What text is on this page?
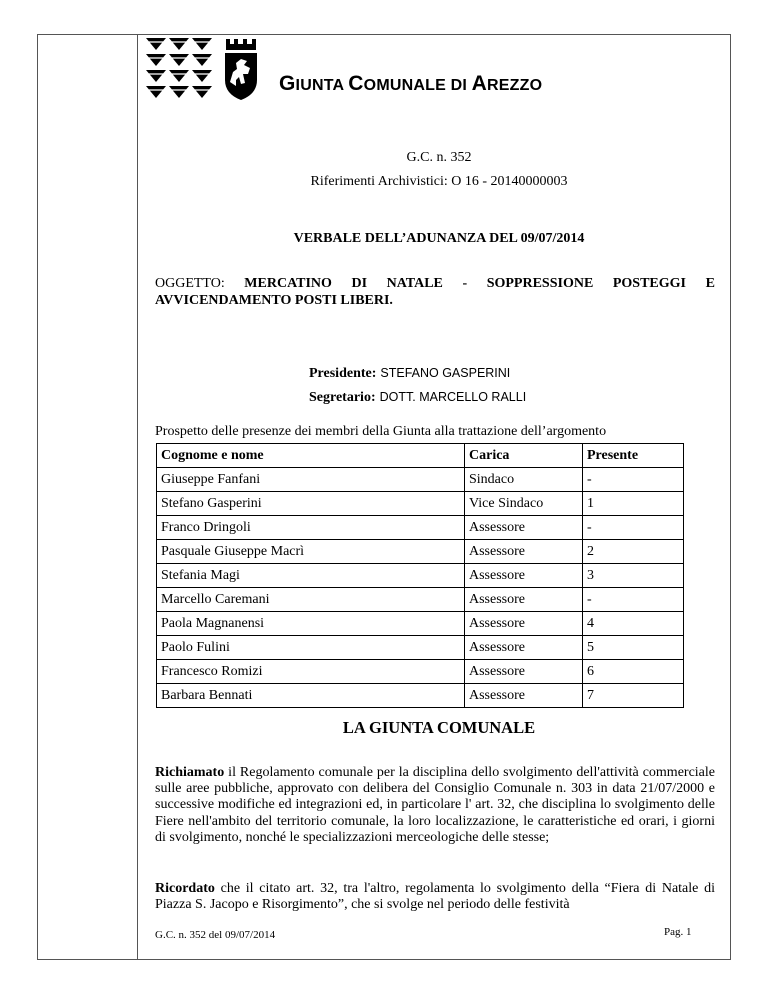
GIUNTA COMUNALE DI AREZZO
G.C. n. 352
Riferimenti Archivistici: O 16 - 20140000003
VERBALE DELL’ADUNANZA DEL 09/07/2014
OGGETTO: MERCATINO DI NATALE - SOPPRESSIONE POSTEGGI E
AVVICENDAMENTO POSTI LIBERI.
Presidente: STEFANO GASPERINI
Segretario: DOTT. MARCELLO RALLI
Prospetto delle presenze dei membri della Giunta alla trattazione dell’argomento
Cognome e nome	Carica	Presente
Giuseppe Fanfani	Sindaco	-
Stefano Gasperini	Vice Sindaco	1
Franco Dringoli	Assessore	-
Pasquale Giuseppe Macrì	Assessore	2
Stefania Magi	Assessore	3
Marcello Caremani	Assessore	-
Paola Magnanensi	Assessore	4
Paolo Fulini	Assessore	5
Francesco Romizi	Assessore	6
Barbara Bennati	Assessore	7
LA GIUNTA COMUNALE
Richiamato il Regolamento comunale per la disciplina dello svolgimento dell'attività commerciale sulle aree pubbliche, approvato con delibera del Consiglio Comunale n. 303 in data 21/07/2000 e successive modifiche ed integrazioni ed, in particolare l' art. 32, che disciplina lo svolgimento delle Fiere nell'ambito del territorio comunale, la loro localizzazione, le caratteristiche ed orari, i giorni di svolgimento, nonché le specializzazioni merceologiche delle stesse;
Ricordato che il citato art. 32, tra l'altro, regolamenta lo svolgimento della “Fiera di Natale di Piazza S. Jacopo e Risorgimento”, che si svolge nel periodo delle festività
G.C. n. 352 del 09/07/2014	Pag. 1
